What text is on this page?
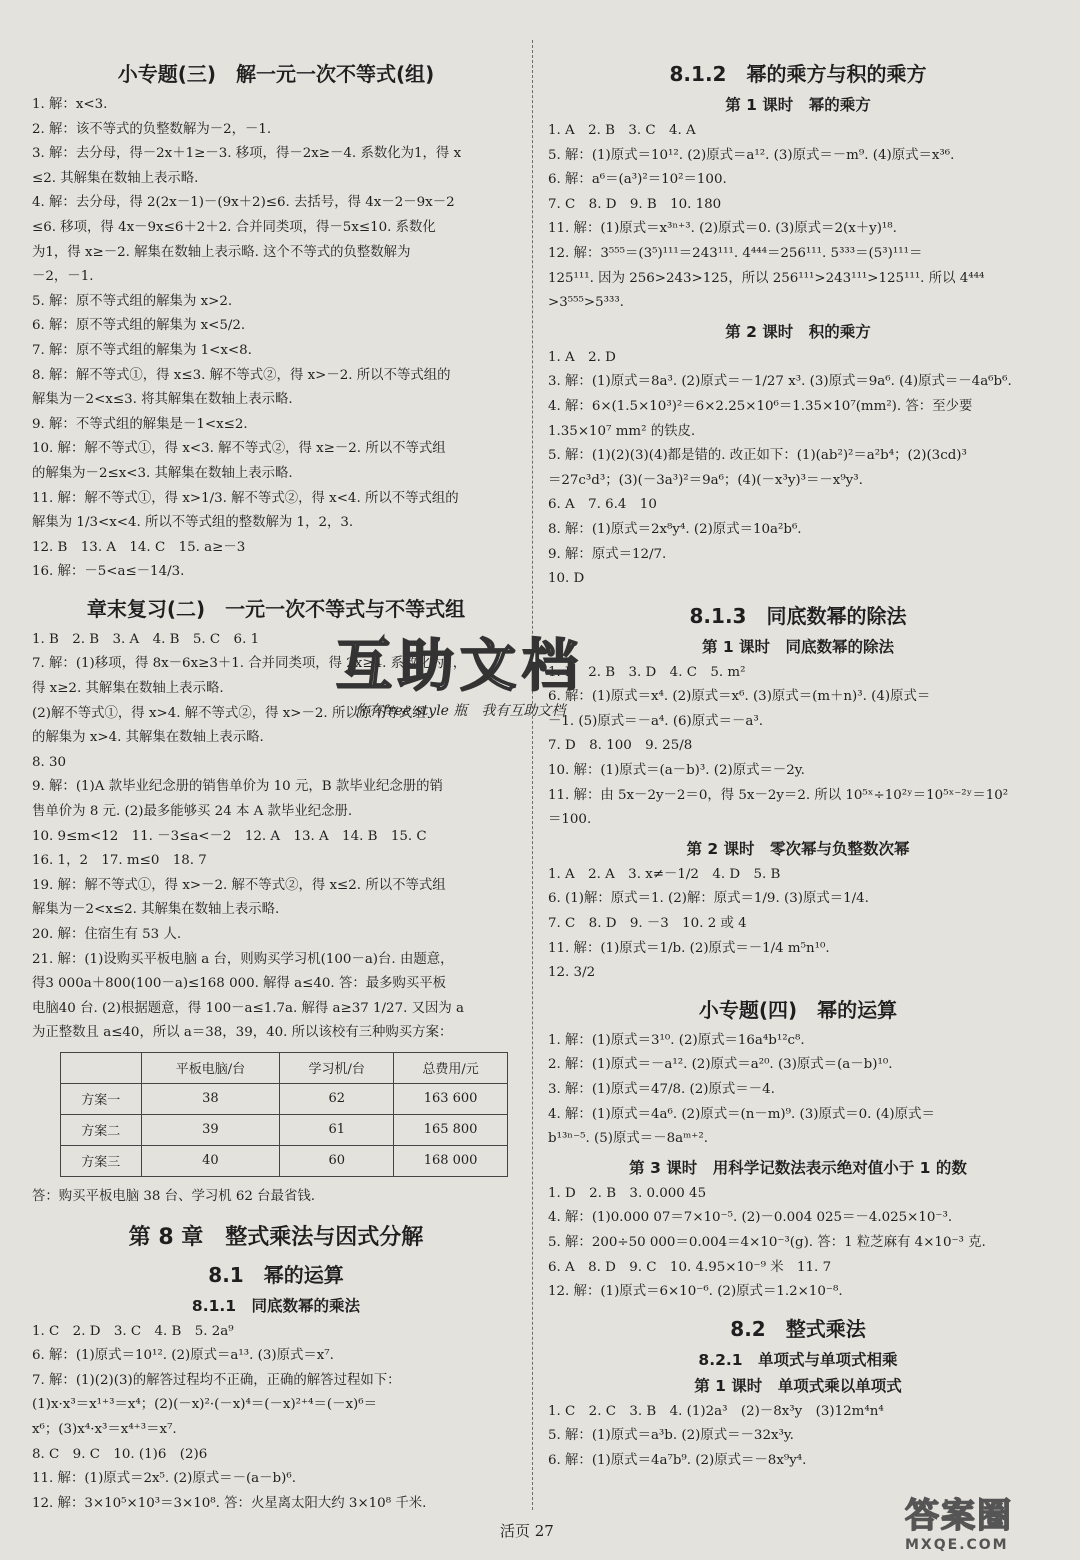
小专题(三)　解一元一次不等式(组)

1. 解：x<3.

2. 解：该不等式的负整数解为－2，－1.

3. 解：去分母，得－2x＋1≥－3. 移项，得－2x≥－4. 系数化为1，得 x

≤2. 其解集在数轴上表示略.

4. 解：去分母，得 2(2x－1)－(9x＋2)≤6. 去括号，得 4x－2－9x－2

≤6. 移项，得 4x－9x≤6＋2＋2. 合并同类项，得－5x≤10. 系数化

为1，得 x≥－2. 解集在数轴上表示略. 这个不等式的负整数解为

－2，－1.

5. 解：原不等式组的解集为 x>2.

6. 解：原不等式组的解集为 x<5/2.

7. 解：原不等式组的解集为 1<x<8.

8. 解：解不等式①，得 x≤3. 解不等式②，得 x>－2. 所以不等式组的

解集为－2<x≤3. 将其解集在数轴上表示略.

9. 解：不等式组的解集是－1<x≤2.

10. 解：解不等式①，得 x<3. 解不等式②，得 x≥－2. 所以不等式组

的解集为－2≤x<3. 其解集在数轴上表示略.

11. 解：解不等式①，得 x>1/3. 解不等式②，得 x<4. 所以不等式组的

解集为 1/3<x<4. 所以不等式组的整数解为 1，2，3.

12. B　13. A　14. C　15. a≥－3

16. 解：－5<a≤－14/3.

章末复习(二)　一元一次不等式与不等式组

1. B　2. B　3. A　4. B　5. C　6. 1

7. 解：(1)移项，得 8x－6x≥3＋1. 合并同类项，得 2x≥4. 系数化为1，

得 x≥2. 其解集在数轴上表示略.

(2)解不等式①，得 x>4. 解不等式②，得 x>－2. 所以原不等式组

的解集为 x>4. 其解集在数轴上表示略.

8. 30

9. 解：(1)A 款毕业纪念册的销售单价为 10 元，B 款毕业纪念册的销

售单价为 8 元. (2)最多能够买 24 本 A 款毕业纪念册.

10. 9≤m<12　11. －3≤a<－2　12. A　13. A　14. B　15. C

16. 1，2　17. m≤0　18. 7

19. 解：解不等式①，得 x>－2. 解不等式②，得 x≤2. 所以不等式组

解集为－2<x≤2. 其解集在数轴上表示略.

20. 解：住宿生有 53 人.

21. 解：(1)设购买平板电脑 a 台，则购买学习机(100－a)台. 由题意，

得3 000a＋800(100－a)≤168 000. 解得 a≤40. 答：最多购买平板

电脑40 台. (2)根据题意，得 100－a≤1.7a. 解得 a≥37 1/27. 又因为 a

为正整数且 a≤40，所以 a＝38，39，40. 所以该校有三种购买方案：

	平板电脑/台	学习机/台	总费用/元
方案一	38	62	163 600
方案二	39	61	165 800
方案三	40	60	168 000

答：购买平板电脑 38 台、学习机 62 台最省钱.

第 8 章　整式乘法与因式分解
8.1　幂的运算
8.1.1　同底数幂的乘法

1. C　2. D　3. C　4. B　5. 2a⁹

6. 解：(1)原式＝10¹². (2)原式＝a¹³. (3)原式＝x⁷.

7. 解：(1)(2)(3)的解答过程均不正确，正确的解答过程如下：

(1)x·x³＝x¹⁺³＝x⁴；(2)(－x)²·(－x)⁴＝(－x)²⁺⁴＝(－x)⁶＝

x⁶；(3)x⁴·x³＝x⁴⁺³＝x⁷.

8. C　9. C　10. (1)6　(2)6

11. 解：(1)原式＝2x⁵. (2)原式＝－(a－b)⁶.

12. 解：3×10⁵×10³＝3×10⁸. 答：火星离太阳大约 3×10⁸ 千米.

8.1.2　幂的乘方与积的乘方
第 1 课时　幂的乘方

1. A　2. B　3. C　4. A

5. 解：(1)原式＝10¹². (2)原式＝a¹². (3)原式＝－m⁹. (4)原式＝x³⁶.

6. 解：a⁶＝(a³)²＝10²＝100.

7. C　8. D　9. B　10. 180

11. 解：(1)原式＝x³ⁿ⁺³. (2)原式＝0. (3)原式＝2(x＋y)¹⁸.

12. 解：3⁵⁵⁵＝(3⁵)¹¹¹＝243¹¹¹. 4⁴⁴⁴＝256¹¹¹. 5³³³＝(5³)¹¹¹＝

125¹¹¹. 因为 256>243>125，所以 256¹¹¹>243¹¹¹>125¹¹¹. 所以 4⁴⁴⁴

>3⁵⁵⁵>5³³³.

第 2 课时　积的乘方

1. A　2. D

3. 解：(1)原式＝8a³. (2)原式＝－1/27 x³. (3)原式＝9a⁶. (4)原式＝－4a⁶b⁶.

4. 解：6×(1.5×10³)²＝6×2.25×10⁶＝1.35×10⁷(mm²). 答：至少要

1.35×10⁷ mm² 的铁皮.

5. 解：(1)(2)(3)(4)都是错的. 改正如下：(1)(ab²)²＝a²b⁴；(2)(3cd)³

＝27c³d³；(3)(－3a³)²＝9a⁶；(4)(－x³y)³＝－x⁹y³.

6. A　7. 6.4　10

8. 解：(1)原式＝2x⁸y⁴. (2)原式＝10a²b⁶.

9. 解：原式＝12/7.

10. D

8.1.3　同底数幂的除法
第 1 课时　同底数幂的除法

1. B　2. B　3. D　4. C　5. m²

6. 解：(1)原式＝x⁴. (2)原式＝x⁶. (3)原式＝(m＋n)³. (4)原式＝

－1. (5)原式＝－a⁴. (6)原式＝－a³.

7. D　8. 100　9. 25/8

10. 解：(1)原式＝(a－b)³. (2)原式＝－2y.

11. 解：由 5x－2y－2＝0，得 5x－2y＝2. 所以 10⁵ˣ÷10²ʸ＝10⁵ˣ⁻²ʸ＝10²

＝100.

第 2 课时　零次幂与负整数次幂

1. A　2. A　3. x≠－1/2　4. D　5. B

6. (1)解：原式＝1. (2)解：原式＝1/9. (3)原式＝1/4.

7. C　8. D　9. －3　10. 2 或 4

11. 解：(1)原式＝1/b. (2)原式＝－1/4 m⁵n¹⁰.

12. 3/2

小专题(四)　幂的运算

1. 解：(1)原式＝3¹⁰. (2)原式＝16a⁴b¹²c⁸.

2. 解：(1)原式＝－a¹². (2)原式＝a²⁰. (3)原式＝(a－b)¹⁰.

3. 解：(1)原式＝47/8. (2)原式＝－4.

4. 解：(1)原式＝4a⁶. (2)原式＝(n－m)⁹. (3)原式＝0. (4)原式＝

b¹³ⁿ⁻⁵. (5)原式＝－8aᵐ⁺².

第 3 课时　用科学记数法表示绝对值小于 1 的数

1. D　2. B　3. 0.000 45

4. 解：(1)0.000 07＝7×10⁻⁵. (2)－0.004 025＝－4.025×10⁻³.

5. 解：200÷50 000＝0.004＝4×10⁻³(g). 答：1 粒芝麻有 4×10⁻³ 克.

6. A　8. D　9. C　10. 4.95×10⁻⁹ 米　11. 7

12. 解：(1)原式＝6×10⁻⁶. (2)原式＝1.2×10⁻⁸.

8.2　整式乘法
8.2.1　单项式与单项式相乘
第 1 课时　单项式乘以单项式

1. C　2. C　3. B　4. (1)2a³　(2)－8x³y　(3)12m⁴n⁴

5. 解：(1)原式＝a³b. (2)原式＝－32x³y.

6. 解：(1)原式＝4a⁷b⁹. (2)原式＝－8x⁹y⁴.

互助文档
你有free style 瓶　我有互助文档
活页 27	答案圈
MXQE.COM
